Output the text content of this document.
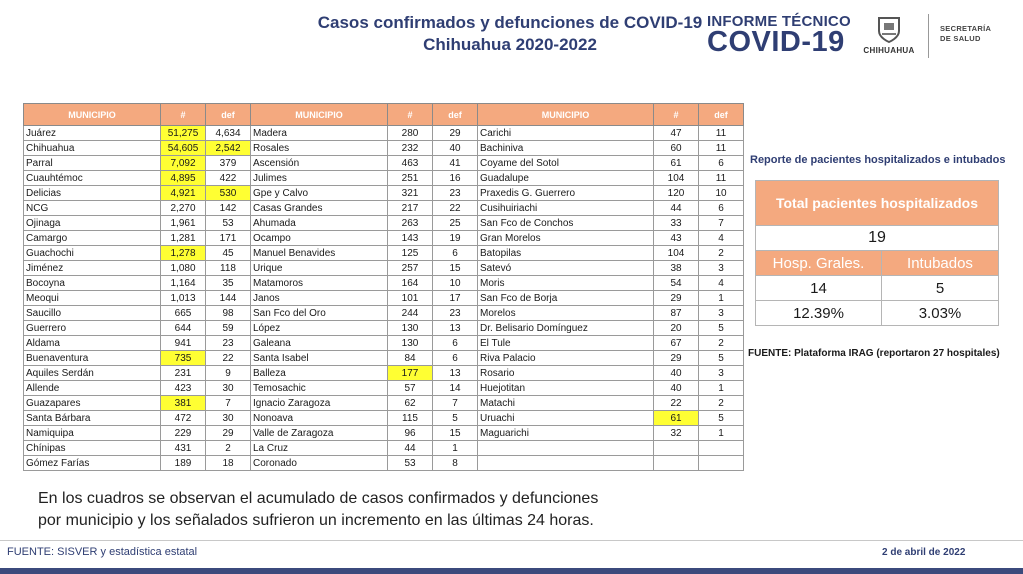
Casos confirmados y defunciones de COVID-19
Chihuahua 2020-2022
INFORME TÉCNICO
COVID-19	CHIHUAHUA
SECRETARÍA
DE SALUD
MUNICIPIO	#	def	MUNICIPIO	#	def	MUNICIPIO	#	def
Juárez	51,275	4,634	Madera	280	29	Carichi	47	11
Chihuahua	54,605	2,542	Rosales	232	40	Bachiniva	60	11
Parral	7,092	379	Ascensión	463	41	Coyame del Sotol	61	6
Cuauhtémoc	4,895	422	Julimes	251	16	Guadalupe	104	11
Delicias	4,921	530	Gpe y Calvo	321	23	Praxedis G. Guerrero	120	10
NCG	2,270	142	Casas Grandes	217	22	Cusihuiriachi	44	6
Ojinaga	1,961	53	Ahumada	263	25	San Fco de Conchos	33	7
Camargo	1,281	171	Ocampo	143	19	Gran Morelos	43	4
Guachochi	1,278	45	Manuel Benavides	125	6	Batopilas	104	2
Jiménez	1,080	118	Urique	257	15	Satevó	38	3
Bocoyna	1,164	35	Matamoros	164	10	Moris	54	4
Meoqui	1,013	144	Janos	101	17	San Fco de Borja	29	1
Saucillo	665	98	San Fco del Oro	244	23	Morelos	87	3
Guerrero	644	59	López	130	13	Dr. Belisario Domínguez	20	5
Aldama	941	23	Galeana	130	6	El Tule	67	2
Buenaventura	735	22	Santa Isabel	84	6	Riva Palacio	29	5
Aquiles Serdán	231	9	Balleza	177	13	Rosario	40	3
Allende	423	30	Temosachic	57	14	Huejotitan	40	1
Guazapares	381	7	Ignacio Zaragoza	62	7	Matachi	22	2
Santa Bárbara	472	30	Nonoava	115	5	Uruachi	61	5
Namiquipa	229	29	Valle de Zaragoza	96	15	Maguarichi	32	1
Chínipas	431	2	La Cruz	44	1			
Gómez Farías	189	18	Coronado	53	8			
Reporte de pacientes hospitalizados e intubados
Total pacientes hospitalizados	
19	
Hosp. Grales.	Intubados
14	5
12.39%	3.03%
FUENTE: Plataforma IRAG (reportaron 27 hospitales)
En los cuadros se observan el acumulado de casos confirmados y defunciones
por municipio y los señalados sufrieron un incremento en las últimas 24 horas.
FUENTE: SISVER y estadística estatal	2 de abril de 2022
